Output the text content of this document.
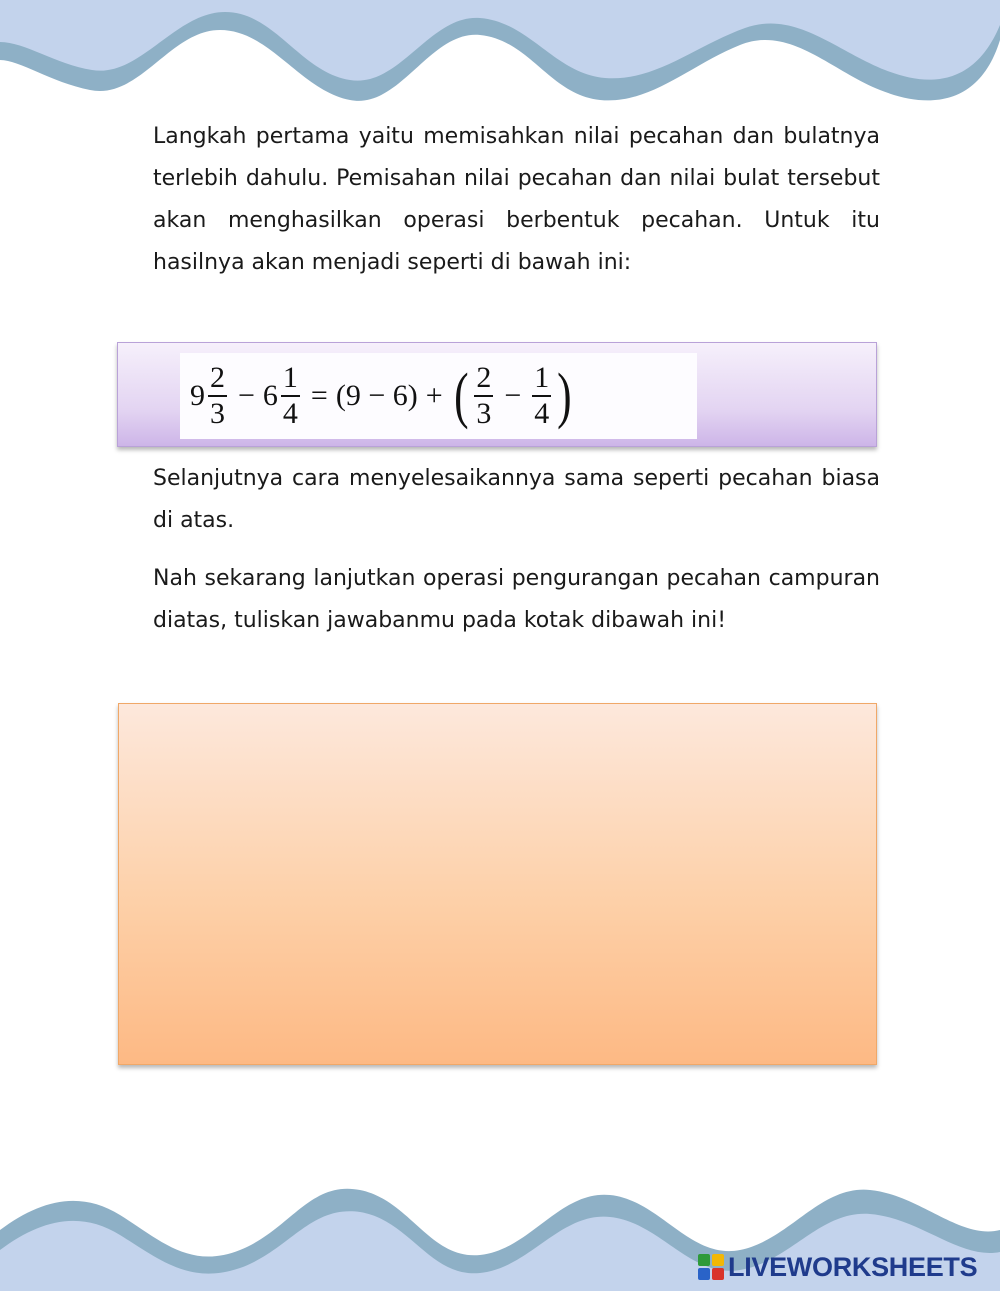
Langkah pertama yaitu memisahkan nilai pecahan dan bulatnya terlebih dahulu. Pemisahan nilai pecahan dan nilai bulat tersebut akan menghasilkan operasi berbentuk pecahan. Untuk itu hasilnya akan menjadi seperti di bawah ini:

$9 \frac{2}{3} - 6 \frac{1}{4} = (9 - 6)$ + ( $\frac{2}{3} - \frac{1}{4}$ )

Selanjutnya cara menyelesaikannya sama seperti pecahan biasa di atas.

Nah sekarang lanjutkan operasi pengurangan pecahan campuran diatas, tuliskan jawabanmu pada kotak dibawah ini!

LIVEWORKSHEETS
